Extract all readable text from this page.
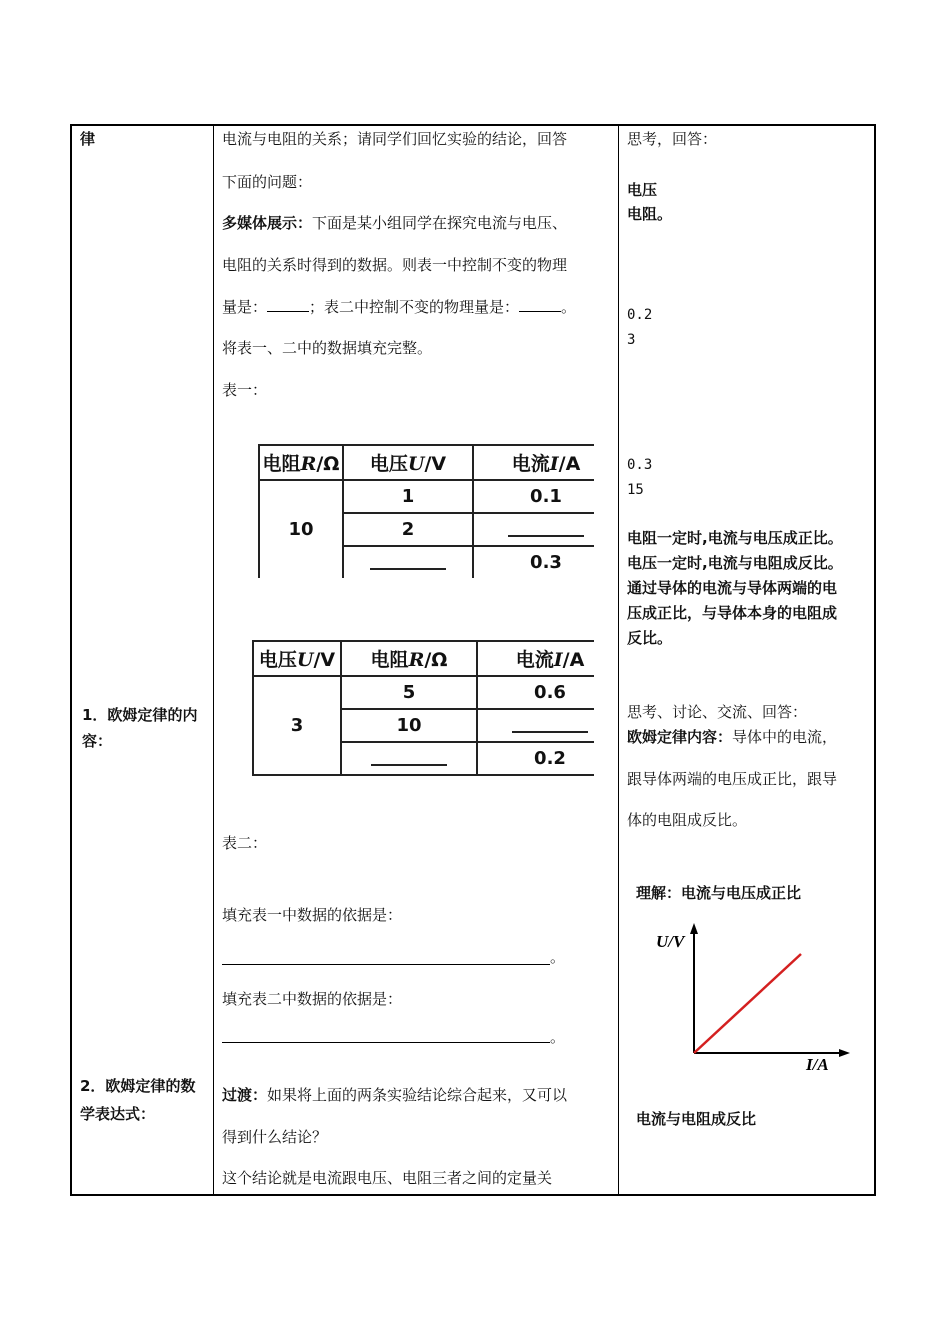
律
1．欧姆定律的内容：
2．欧姆定律的数学表达式：
电流与电阻的关系；请同学们回忆实验的结论，回答
下面的问题：
多媒体展示：下面是某小组同学在探究电流与电压、
电阻的关系时得到的数据。则表一中控制不变的物理
量是：	；表二中控制不变的物理量是：	。
将表一、二中的数据填充完整。
表一：
电阻R/Ω	电压U/V	电流I/A
10	1	0.1
	2	
		0.3
电压U/V	电阻R/Ω	电流I/A
3	5	0.6
	10	
		0.2
表二：
填充表一中数据的依据是：
。
填充表二中数据的依据是：
。
过渡：如果将上面的两条实验结论综合起来，又可以
得到什么结论？
这个结论就是电流跟电压、电阻三者之间的定量关
思考，回答：
电压
电阻。
0.2
3
0.3
15
电阻一定时,电流与电压成正比。
电压一定时,电流与电阻成反比。
通过导体的电流与导体两端的电
压成正比，与导体本身的电阻成
反比。
思考、讨论、交流、回答：
欧姆定律内容：导体中的电流，
跟导体两端的电压成正比，跟导
体的电阻成反比。
理解：电流与电压成正比
U/V
I/A
电流与电阻成反比
